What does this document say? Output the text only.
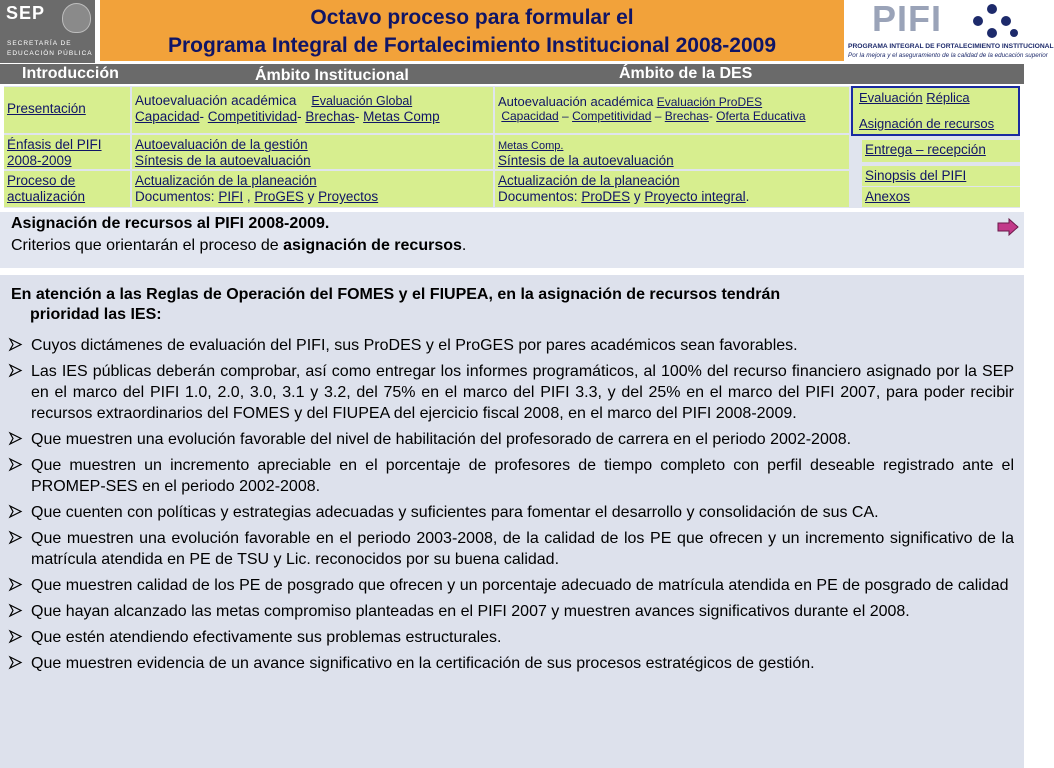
SEP
SECRETARÍA DE
EDUCACIÓN PÚBLICA
Octavo proceso para formular el
Programa Integral de Fortalecimiento Institucional 2008-2009
PIFI
PROGRAMA INTEGRAL DE FORTALECIMIENTO INSTITUCIONAL
Por la mejora y el aseguramiento de la calidad de la educación superior
Introducción	Ámbito Institucional	Ámbito de la DES
Presentación
Énfasis del PIFI 2008-2009
Proceso de actualización
Autoevaluación académica Evaluación Global
Capacidad- Competitividad- Brechas- Metas Comp
Autoevaluación de la gestión
Síntesis de la autoevaluación
Actualización de la planeación
Documentos: PIFI , ProGES y Proyectos
Autoevaluación académica Evaluación ProDES
Capacidad – Competitividad – Brechas- Oferta Educativa
Metas Comp.
Síntesis de la autoevaluación
Actualización de la planeación
Documentos: ProDES y Proyecto integral.
Evaluación Réplica
Asignación de recursos
Entrega – recepción
Sinopsis del PIFI
Anexos
Asignación de recursos al PIFI 2008-2009.
Criterios que orientarán el proceso de asignación de recursos.
En atención a las Reglas de Operación del FOMES y el FIUPEA, en la asignación de recursos tendrán
prioridad las IES:
Cuyos dictámenes de evaluación del PIFI, sus ProDES y el ProGES por pares académicos sean favorables.
Las IES públicas deberán comprobar, así como entregar los informes programáticos, al 100% del recurso financiero asignado por la SEP en el marco del PIFI 1.0, 2.0, 3.0, 3.1 y 3.2, del 75% en el marco del PIFI 3.3, y del 25% en el marco del PIFI 2007, para poder recibir recursos extraordinarios del FOMES y del FIUPEA del ejercicio fiscal 2008, en el marco del PIFI 2008-2009.
Que muestren una evolución favorable del nivel de habilitación del profesorado de carrera en el periodo 2002-2008.
Que muestren un incremento apreciable en el porcentaje de profesores de tiempo completo con perfil deseable registrado ante el PROMEP-SES en el periodo 2002-2008.
Que cuenten con políticas y estrategias adecuadas y suficientes para fomentar el desarrollo y consolidación de sus CA.
Que muestren una evolución favorable en el periodo 2003-2008, de la calidad de los PE que ofrecen y un incremento significativo de la matrícula atendida en PE de TSU y Lic. reconocidos por su buena calidad.
Que muestren calidad de los PE de posgrado que ofrecen y un porcentaje adecuado de matrícula atendida en PE de posgrado de calidad
Que hayan alcanzado las metas compromiso planteadas en el PIFI 2007 y muestren avances significativos durante el 2008.
Que estén atendiendo efectivamente sus problemas estructurales.
Que muestren evidencia de un avance significativo en la certificación de sus procesos estratégicos de gestión.
